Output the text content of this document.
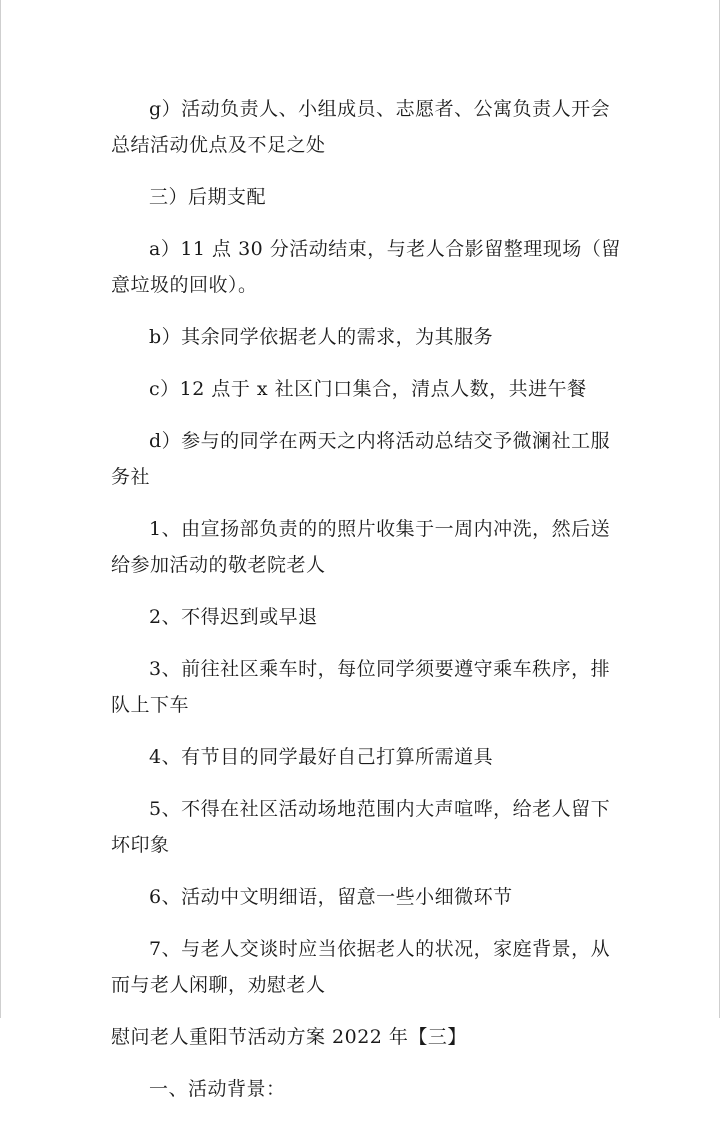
g）活动负责人、小组成员、志愿者、公寓负责人开会总结活动优点及不足之处

三）后期支配

a）11 点 30 分活动结束，与老人合影留整理现场（留意垃圾的回收）。

b）其余同学依据老人的需求，为其服务

c）12 点于 x 社区门口集合，清点人数，共进午餐

d）参与的同学在两天之内将活动总结交予微澜社工服务社

1、由宣扬部负责的的照片收集于一周内冲洗，然后送给参加活动的敬老院老人

2、不得迟到或早退

3、前往社区乘车时，每位同学须要遵守乘车秩序，排队上下车

4、有节目的同学最好自己打算所需道具

5、不得在社区活动场地范围内大声喧哗，给老人留下坏印象

6、活动中文明细语，留意一些小细微环节

7、与老人交谈时应当依据老人的状况，家庭背景，从而与老人闲聊，劝慰老人

慰问老人重阳节活动方案 2022 年【三】

一、活动背景：
